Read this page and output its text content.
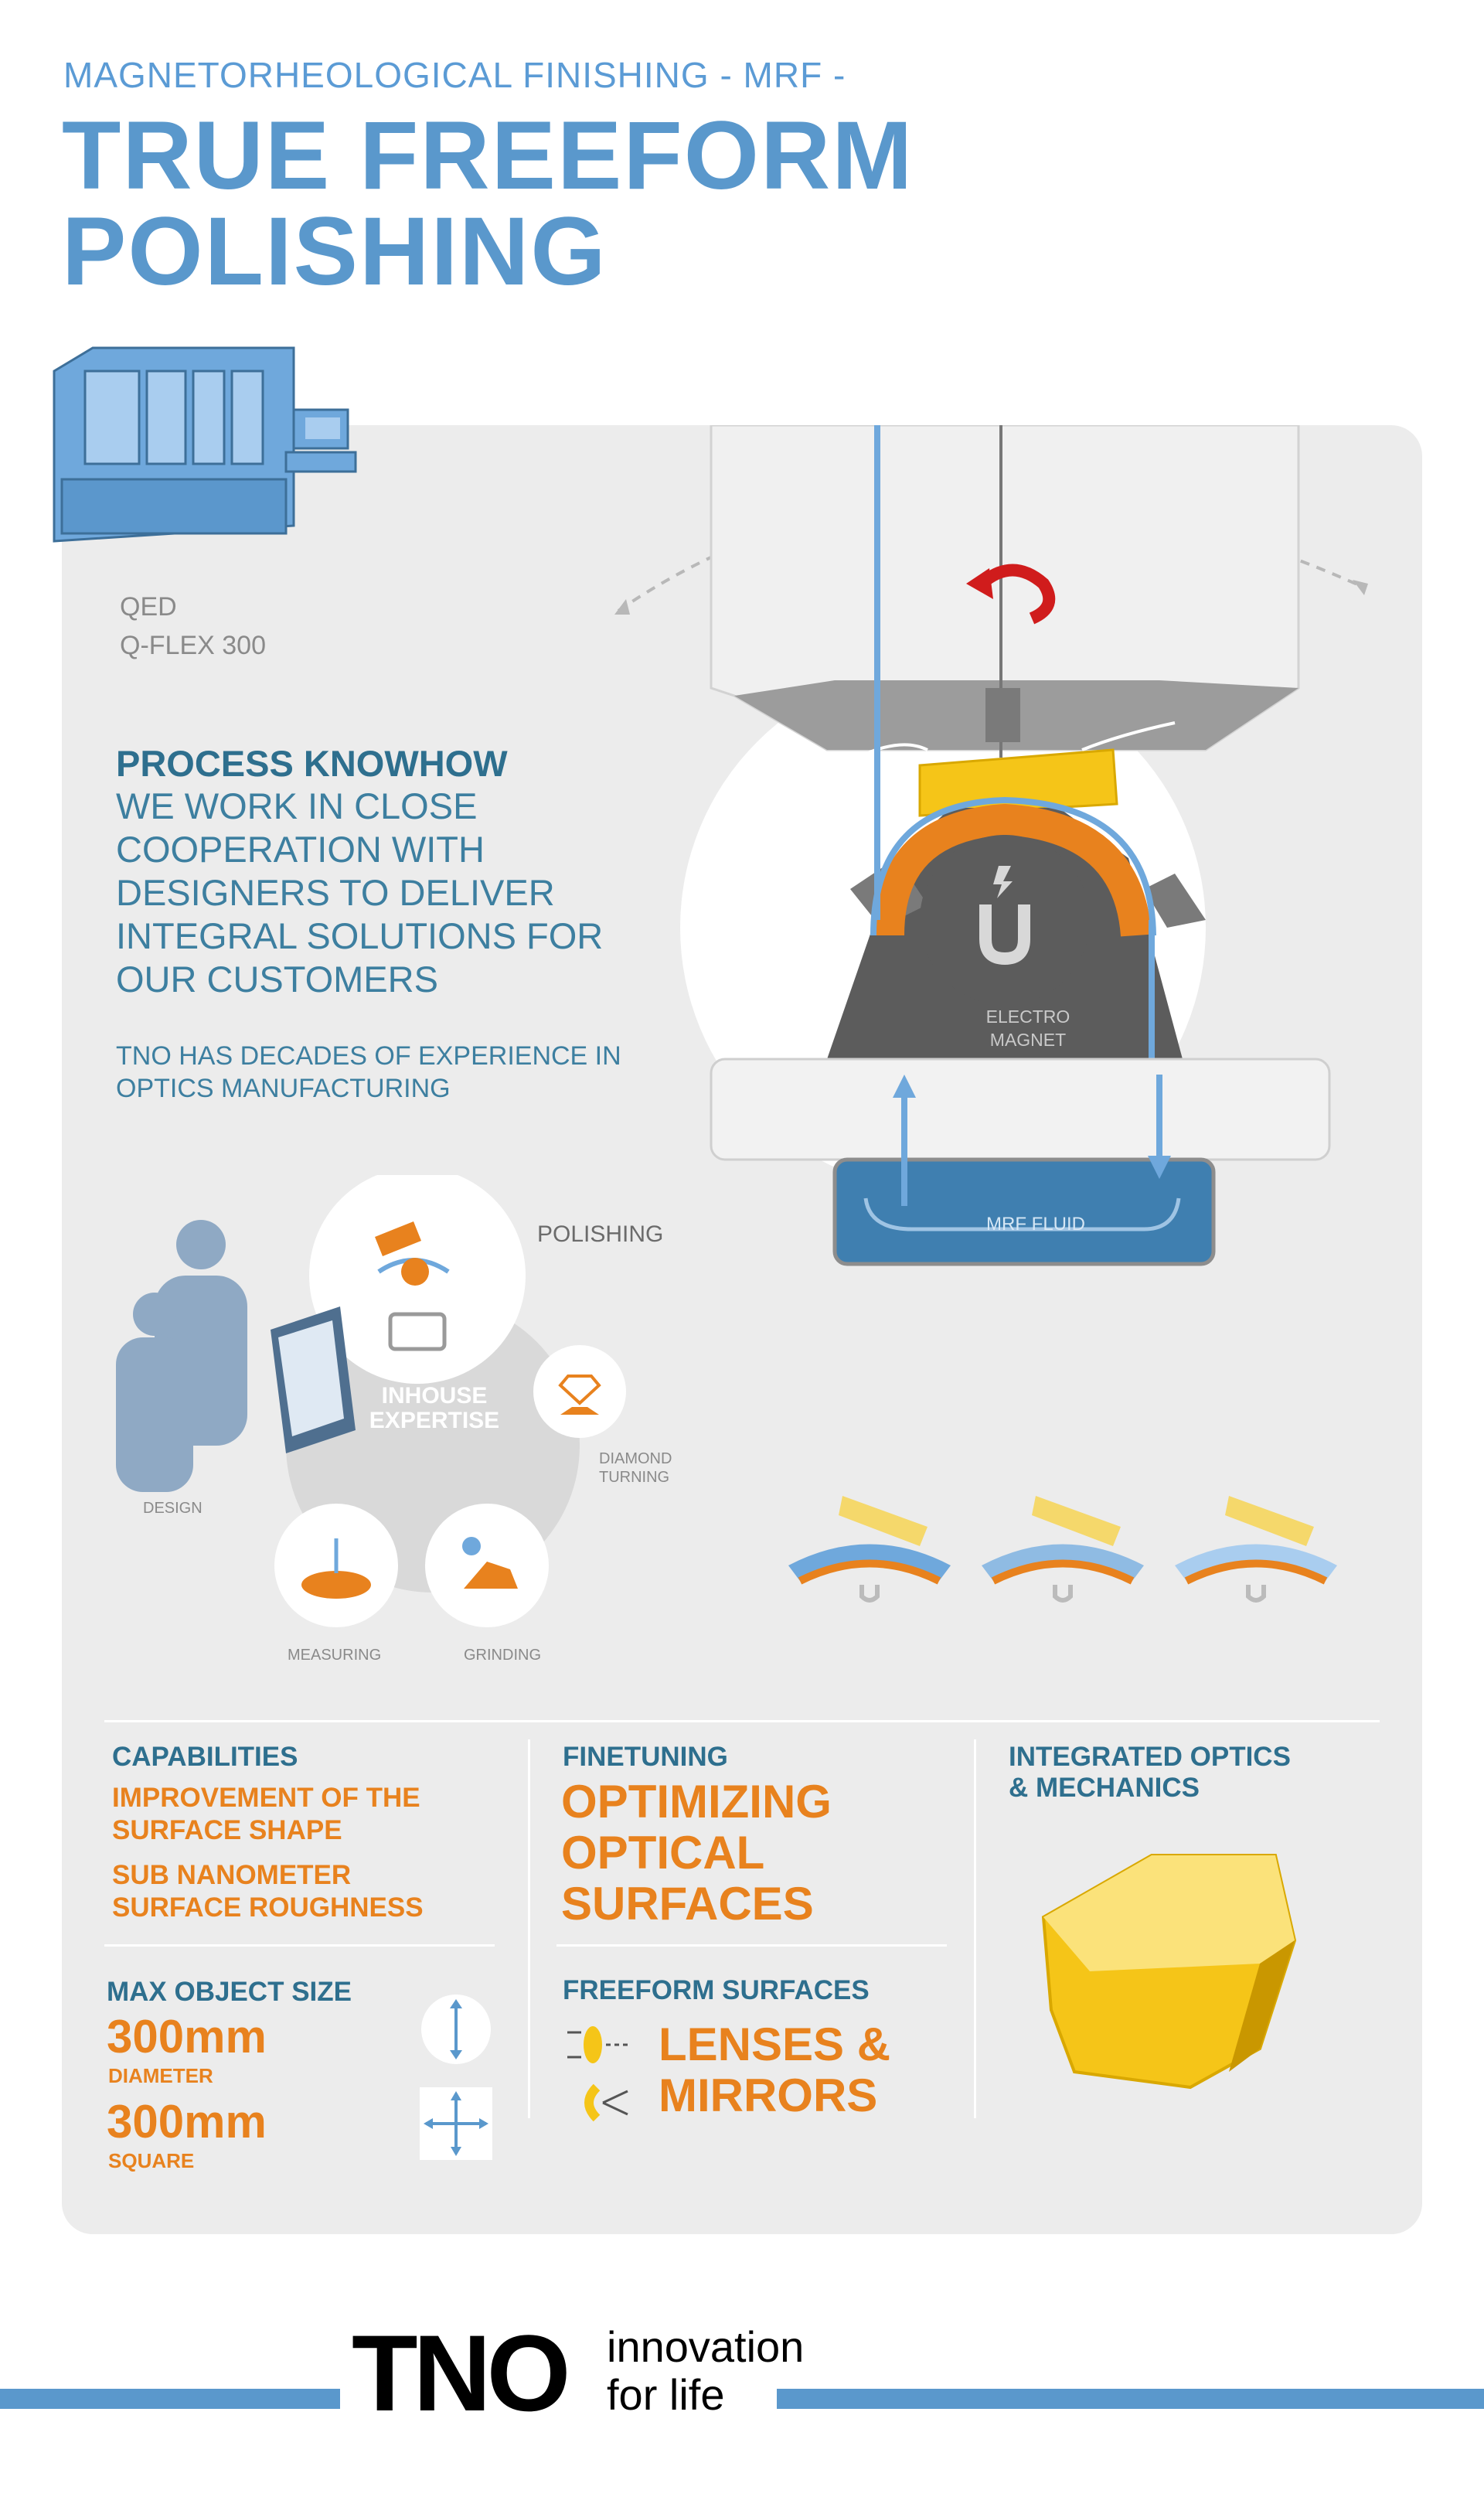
MAGNETORHEOLOGICAL FINISHING - MRF -
TRUE FREEFORM
POLISHING
QED
Q-FLEX 300
PROCESS KNOWHOW
WE WORK IN CLOSE COOPERATION WITH DESIGNERS TO DELIVER INTEGRAL SOLUTIONS FOR OUR CUSTOMERS
TNO HAS DECADES OF EXPERIENCE IN OPTICS MANUFACTURING
ELECTRO
MAGNET
MRF FLUID
INHOUSE
EXPERTISE
POLISHING
DIAMOND
TURNING
DESIGN
MEASURING	GRINDING
CAPABILITIES
IMPROVEMENT OF THE
SURFACE SHAPE
SUB NANOMETER
SURFACE ROUGHNESS
MAX OBJECT SIZE
300mm
DIAMETER
300mm
SQUARE
FINETUNING
OPTIMIZING
OPTICAL
SURFACES
FREEFORM SURFACES
LENSES &
MIRRORS
INTEGRATED OPTICS
& MECHANICS
TNO innovation
for life
